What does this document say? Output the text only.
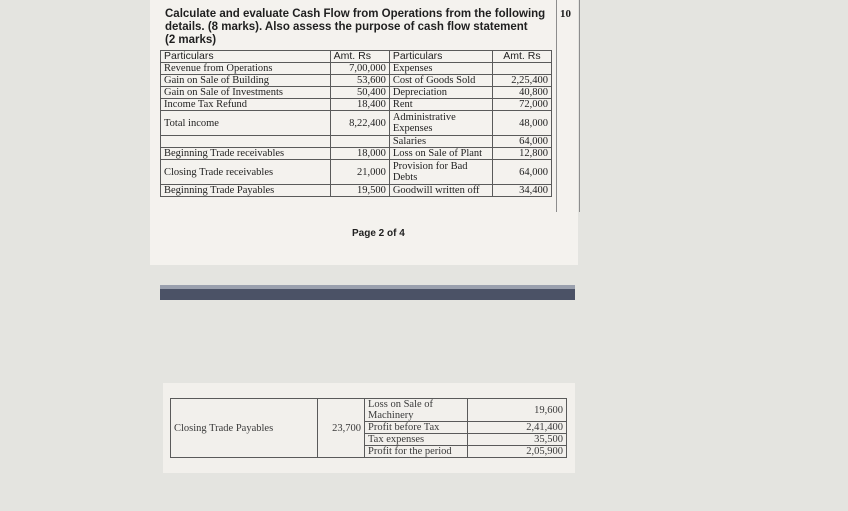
10
Calculate and evaluate Cash Flow from Operations from the following
details. (8 marks). Also assess the purpose of cash flow statement
(2 marks)
Particulars	Amt. Rs	Particulars	Amt. Rs
Revenue from Operations	7,00,000	Expenses	
Gain on Sale of Building	53,600	Cost of Goods Sold	2,25,400
Gain on Sale of Investments	50,400	Depreciation	40,800
Income Tax Refund	18,400	Rent	72,000
Total income	8,22,400	Administrative Expenses	48,000
		Salaries	64,000
Beginning Trade receivables	18,000	Loss on Sale of Plant	12,800
Closing Trade receivables	21,000	Provision for Bad Debts	64,000
Beginning Trade Payables	19,500	Goodwill written off	34,400
Page 2 of 4
Closing Trade Payables	23,700	Loss on Sale of Machinery	19,600
		Profit before Tax	2,41,400
		Tax expenses	35,500
		Profit for the period	2,05,900
